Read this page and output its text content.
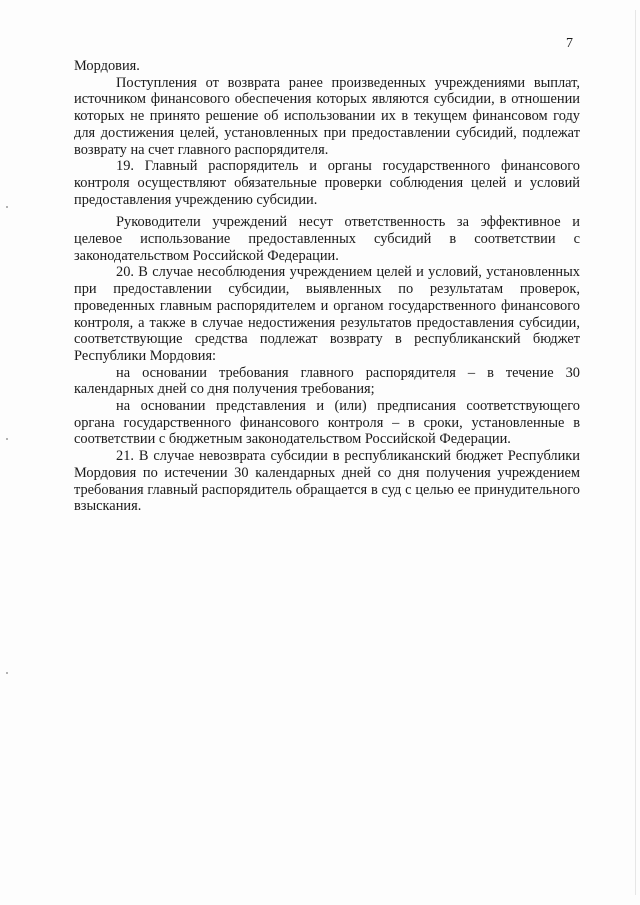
7

Мордовия.

Поступления от возврата ранее произведенных учреждениями выплат, источником финансового обеспечения которых являются субсидии, в отношении которых не принято решение об использовании их в текущем финансовом году для достижения целей, установленных при предоставлении субсидий, подлежат возврату на счет главного распорядителя.

19. Главный распорядитель и органы государственного финансового контроля осуществляют обязательные проверки соблюдения целей и условий предоставления учреждению субсидии.

Руководители учреждений несут ответственность за эффективное и целевое использование предоставленных субсидий в соответствии с законодательством Российской Федерации.

20. В случае несоблюдения учреждением целей и условий, установленных при предоставлении субсидии, выявленных по результатам проверок, проведенных главным распорядителем и органом государственного финансового контроля, а также в случае недостижения результатов предоставления субсидии, соответствующие средства подлежат возврату в республиканский бюджет Республики Мордовия:

на основании требования главного распорядителя – в течение 30 календарных дней со дня получения требования;

на основании представления и (или) предписания соответствующего органа государственного финансового контроля – в сроки, установленные в соответствии с бюджетным законодательством Российской Федерации.

21. В случае невозврата субсидии в республиканский бюджет Республики Мордовия по истечении 30 календарных дней со дня получения учреждением требования главный распорядитель обращается в суд с целью ее принудительного взыскания.
